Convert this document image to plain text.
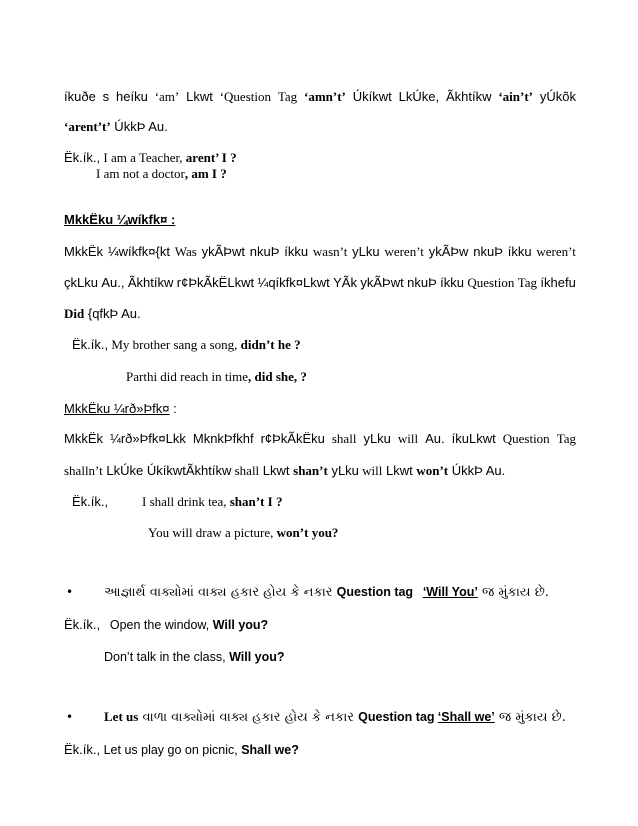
íkuðe s heíku ‘am’ Lkwt ‘Question Tag ‘amn’t’ Úkíkwt LkÚke, Ãkhtíkw ‘ain’t’ yÚkõk
‘arent’t’ ÚkkÞ Au.
Ëk.ík., I am a Teacher, arent’ I ?
I am not a doctor, am I ?
MkkËku ¼wíkfk¤ :
MkkËk ¼wíkfk¤{kt Was ykÃÞwt nkuÞ íkku wasn’t yLku weren’t ykÃÞw nkuÞ íkku weren’t
çkLku Au., Ãkhtíkw r¢ÞkÃkËLkwt ¼qíkfk¤Lkwt YÃk ykÃÞwt nkuÞ íkku Question Tag íkhefu
Did {qfkÞ Au.
Ëk.ík., My brother sang a song, didn’t he ?
Parthi did reach in time, did she, ?
MkkËku ¼rð»Þfk¤ :
MkkËk ¼rð»Þfk¤Lkk MknkÞfkhf r¢ÞkÃkËku shall yLku will Au. íkuLkwt Question Tag
shalln’t LkÚke ÚkíkwtÃkhtíkw shall Lkwt shan’t yLku will Lkwt won’t ÚkkÞ Au.
Ëk.ík.,	I shall drink tea, shan’t I ?
You will draw a picture, won’t you?
• આજ્ઞાર્થ વાક્યોમાં વાક્ય હકાર હોય કે નકાર Question tag ‘Will You’ જ મુંકાય છે.
Ëk.ík., Open the window, Will you?
Don’t talk in the class, Will you?
• Let us વાળા વાક્યોમાં વાક્ય હકાર હોય કે નકાર Question tag ‘Shall we’ જ મુંકાય છે.
Ëk.ík., Let us play go on picnic, Shall we?
